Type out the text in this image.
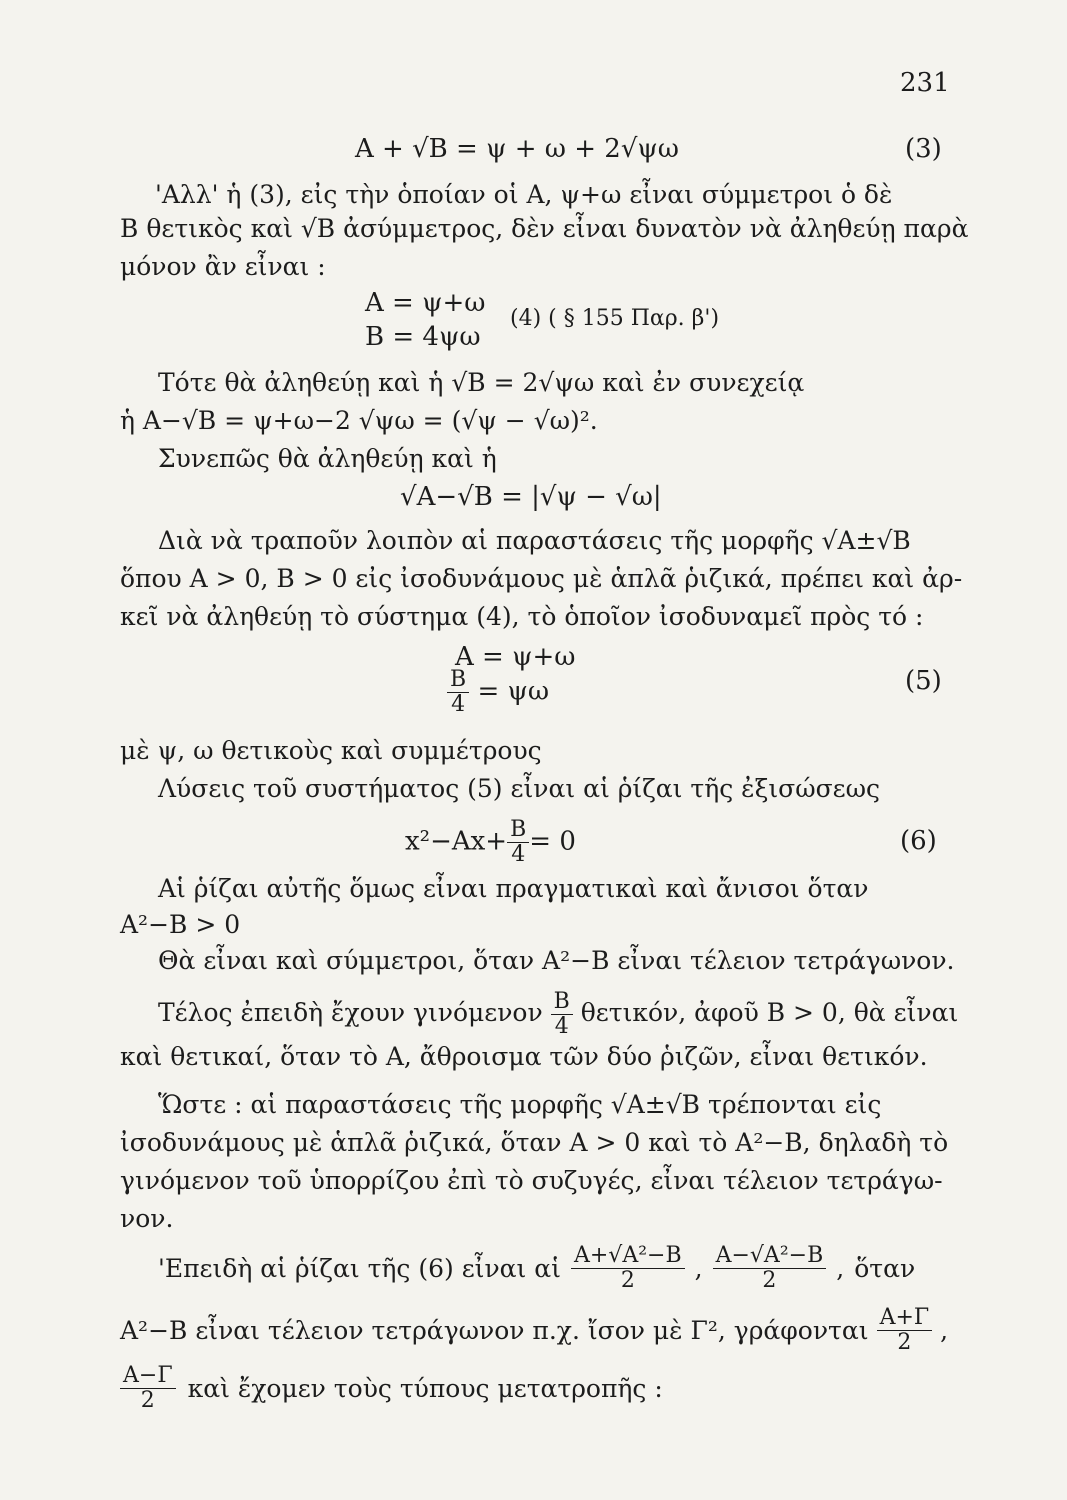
231
A + √B = ψ + ω + 2√ψω	(3)
'Αλλ' ἡ (3), εἰς τὴν ὁποίαν οἱ A, ψ+ω εἶναι σύμμετροι ὁ δὲ
B θετικὸς καὶ √B ἀσύμμετρος, δὲν εἶναι δυνατὸν νὰ ἀληθεύῃ παρὰ
μόνον ἂν εἶναι :
A = ψ+ω
B = 4ψω
(4) ( § 155 Παρ. β')
Τότε θὰ ἀληθεύῃ καὶ ἡ √B = 2√ψω καὶ ἐν συνεχείᾳ
ἡ A−√B = ψ+ω−2 √ψω = (√ψ − √ω)².
Συνεπῶς θὰ ἀληθεύῃ καὶ ἡ
√A−√B = |√ψ − √ω|
Διὰ νὰ τραποῦν λοιπὸν αἱ παραστάσεις τῆς μορφῆς √A±√B
ὅπου A > 0, B > 0 εἰς ἰσοδυνάμους μὲ ἁπλᾶ ῥιζικά, πρέπει καὶ ἀρ-
κεῖ νὰ ἀληθεύῃ τὸ σύστημα (4), τὸ ὁποῖον ἰσοδυναμεῖ πρὸς τό :
A = ψ+ω
$\frac{B}{4} = \psi\omega$	(5)
μὲ ψ, ω θετικοὺς καὶ συμμέτρους
Λύσεις τοῦ συστήματος (5) εἶναι αἱ ῥίζαι τῆς ἐξισώσεως
$x^2-Ax+ \frac{B}{4} = 0$	(6)
Αἱ ῥίζαι αὐτῆς ὅμως εἶναι πραγματικαὶ καὶ ἄνισοι ὅταν
A²−B > 0
Θὰ εἶναι καὶ σύμμετροι, ὅταν A²−B εἶναι τέλειον τετράγωνον.
Τέλος ἐπειδὴ ἔχουν γινόμενον $\frac{B}{4} \theta\varepsilon\tau\iota\kappa ό\nu$, ἀφοῦ B > 0, θὰ εἶναι
καὶ θετικαί, ὅταν τὸ A, ἄθροισμα τῶν δύο ῥιζῶν, εἶναι θετικόν.
Ὥστε : αἱ παραστάσεις τῆς μορφῆς √A±√B τρέπονται εἰς
ἰσοδυνάμους μὲ ἁπλᾶ ῥιζικά, ὅταν A > 0 καὶ τὸ A²−B, δηλαδὴ τὸ
γινόμενον τοῦ ὑπορρίζου ἐπὶ τὸ συζυγές, εἶναι τέλειον τετράγω-
νον.
'Επειδὴ αἱ ῥίζαι τῆς (6) εἶναι αἱ $\frac{\text{A+√A²−B}}{2}$ , $\frac{\text{A−√A²−B}}{2}$ , ὅταν
A²−B εἶναι τέλειον τετράγωνον π.χ. ἴσον μὲ Γ², γράφονται $\frac{A+\Gamma}{2}$ ,
$\frac{A-\Gamma}{2}$ καὶ ἔχομεν τοὺς τύπους μετατροπῆς :
